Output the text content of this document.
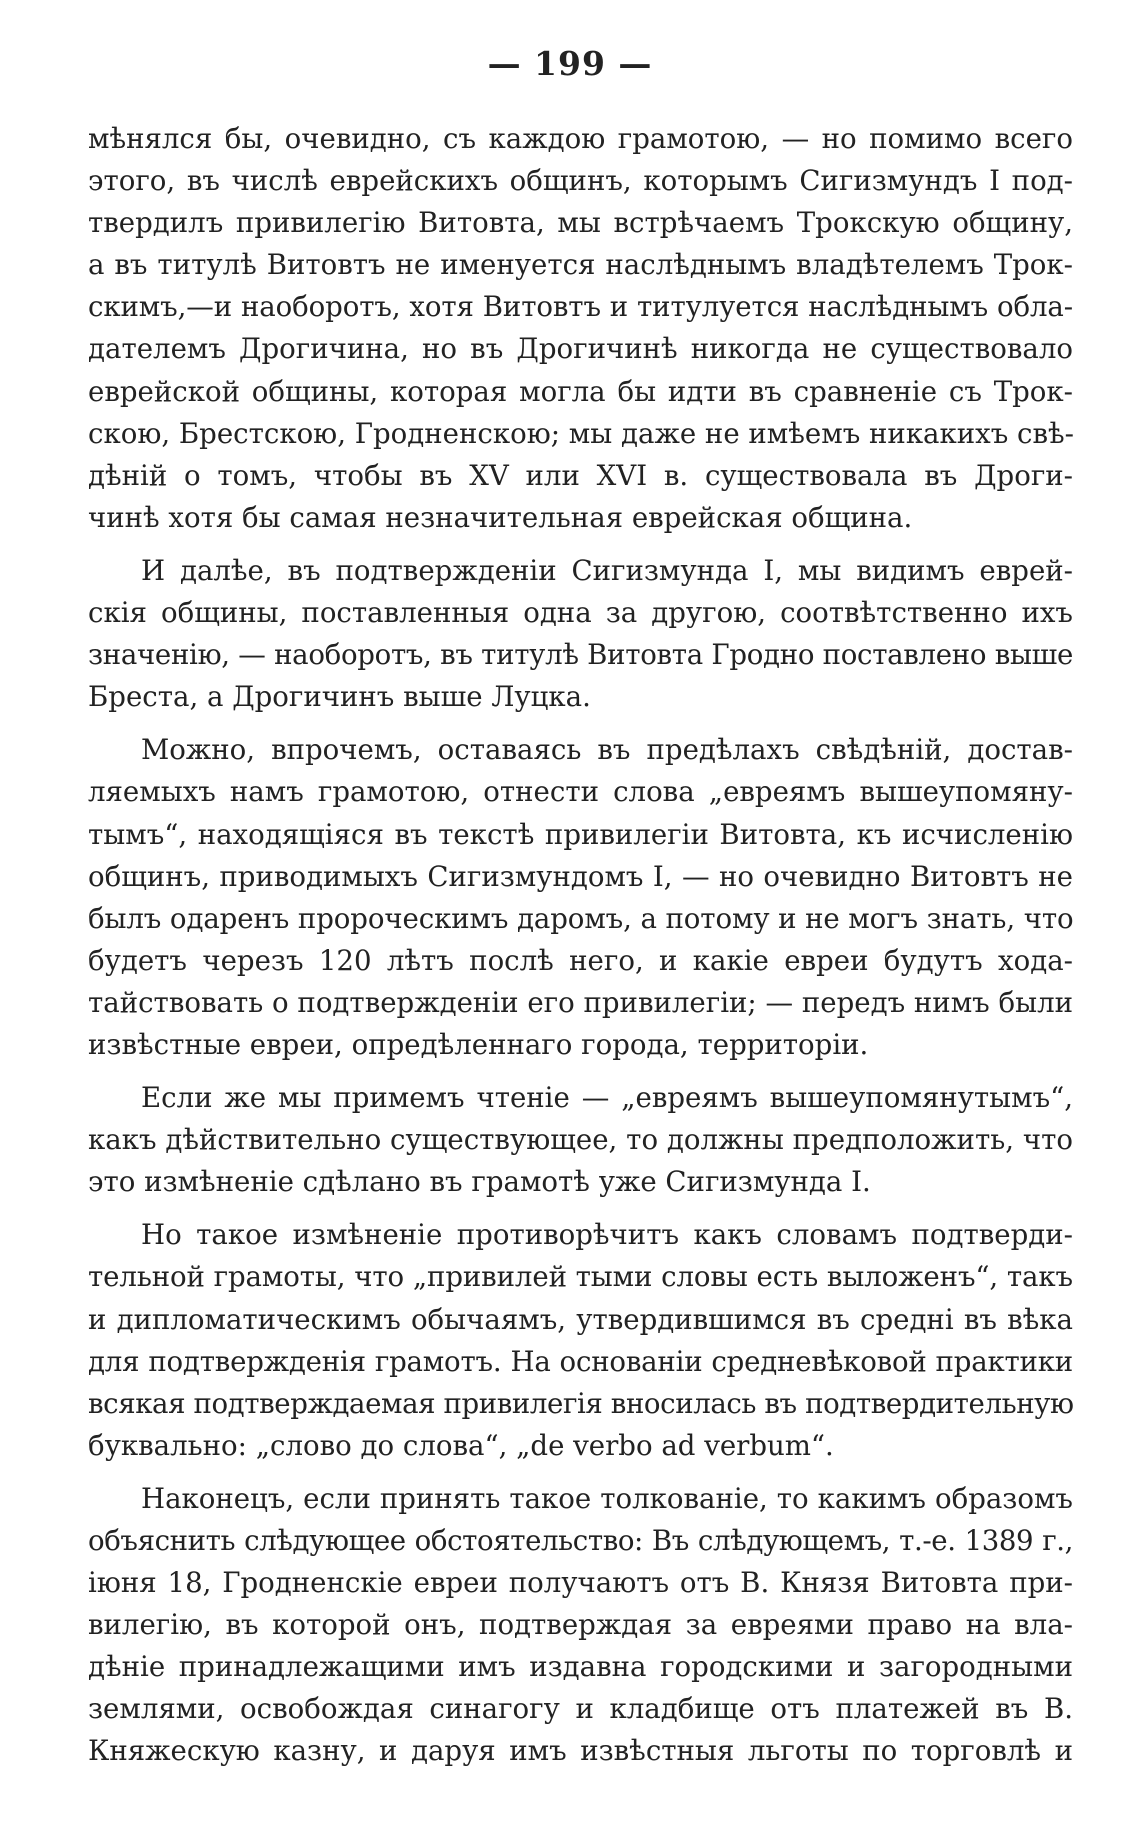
— 199 —
мѣнялся бы, очевидно, съ каждою грамотою, — но помимо всего
этого, въ числѣ еврейскихъ общинъ, которымъ Сигизмундъ I под-
твердилъ привилегію Витовта, мы встрѣчаемъ Трокскую общину,
а въ титулѣ Витовтъ не именуется наслѣднымъ владѣтелемъ Трок-
скимъ,—и наоборотъ, хотя Витовтъ и титулуется наслѣднымъ обла-
дателемъ Дрогичина, но въ Дрогичинѣ никогда не существовало
еврейской общины, которая могла бы идти въ сравненіе съ Трок-
скою, Брестскою, Гродненскою; мы даже не имѣемъ никакихъ свѣ-
дѣній о томъ, чтобы въ XV или XVI в. существовала въ Дроги-
чинѣ хотя бы самая незначительная еврейская община.
И далѣе, въ подтвержденіи Сигизмунда I, мы видимъ еврей-
скія общины, поставленныя одна за другою, соотвѣтственно ихъ
значенію, — наоборотъ, въ титулѣ Витовта Гродно поставлено выше
Бреста, а Дрогичинъ выше Луцка.
Можно, впрочемъ, оставаясь въ предѣлахъ свѣдѣній, достав-
ляемыхъ намъ грамотою, отнести слова „евреямъ вышеупомяну-
тымъ“, находящіяся въ текстѣ привилегіи Витовта, къ исчисленію
общинъ, приводимыхъ Сигизмундомъ I, — но очевидно Витовтъ не
былъ одаренъ пророческимъ даромъ, а потому и не могъ знать, что
будетъ черезъ 120 лѣтъ послѣ него, и какіе евреи будутъ хода-
тайствовать о подтвержденіи его привилегіи; — передъ нимъ были
извѣстные евреи, опредѣленнаго города, территоріи.
Если же мы примемъ чтеніе — „евреямъ вышеупомянутымъ“,
какъ дѣйствительно существующее, то должны предположить, что
это измѣненіе сдѣлано въ грамотѣ уже Сигизмунда I.
Но такое измѣненіе противорѣчитъ какъ словамъ подтверди-
тельной грамоты, что „привилей тыми словы есть выложенъ“, такъ
и дипломатическимъ обычаямъ, утвердившимся въ средні въ вѣка
для подтвержденія грамотъ. На основаніи средневѣковой практики
всякая подтверждаемая привилегія вносилась въ подтвердительную
буквально: „слово до слова“, „de verbo ad verbum“.
Наконецъ, если принять такое толкованіе, то какимъ образомъ
объяснить слѣдующее обстоятельство: Въ слѣдующемъ, т.-е. 1389 г.,
іюня 18, Гродненскіе евреи получаютъ отъ В. Князя Витовта при-
вилегію, въ которой онъ, подтверждая за евреями право на вла-
дѣніе принадлежащими имъ издавна городскими и загородными
землями, освобождая синагогу и кладбище отъ платежей въ В.
Княжескую казну, и даруя имъ извѣстныя льготы по торговлѣ и
